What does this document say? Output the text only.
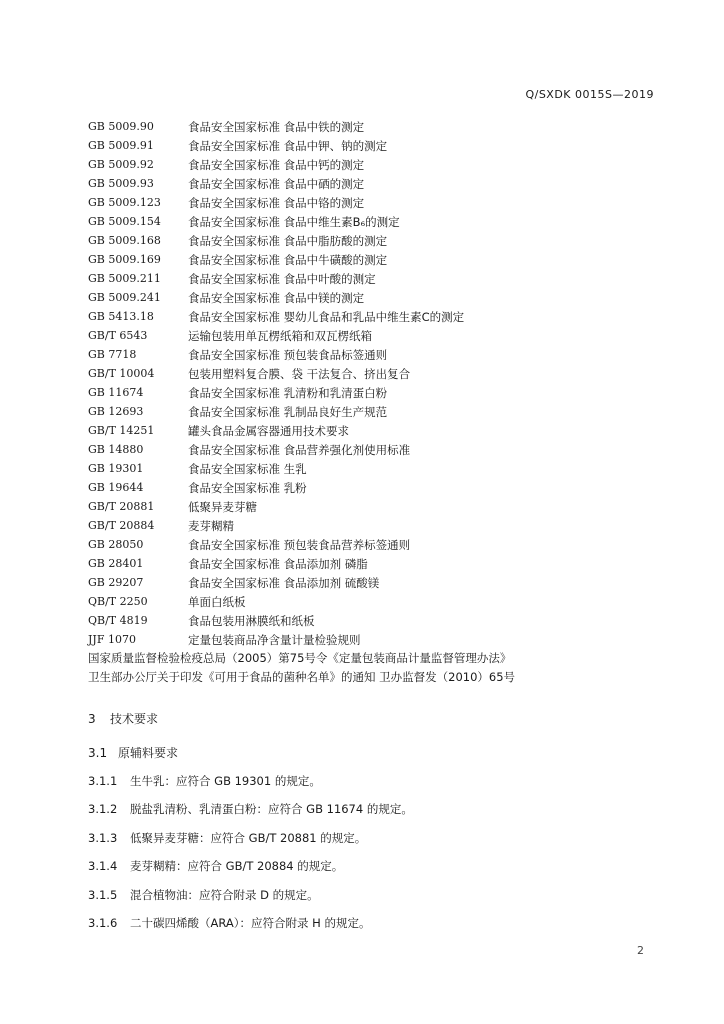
Q/SXDK 0015S—2019
GB 5009.90	食品安全国家标准 食品中铁的测定
GB 5009.91	食品安全国家标准 食品中钾、钠的测定
GB 5009.92	食品安全国家标准 食品中钙的测定
GB 5009.93	食品安全国家标准 食品中硒的测定
GB 5009.123	食品安全国家标准 食品中铬的测定
GB 5009.154	食品安全国家标准 食品中维生素B₆的测定
GB 5009.168	食品安全国家标准 食品中脂肪酸的测定
GB 5009.169	食品安全国家标准 食品中牛磺酸的测定
GB 5009.211	食品安全国家标准 食品中叶酸的测定
GB 5009.241	食品安全国家标准 食品中镁的测定
GB 5413.18	食品安全国家标准 婴幼儿食品和乳品中维生素C的测定
GB/T 6543	运输包装用单瓦楞纸箱和双瓦楞纸箱
GB 7718	食品安全国家标准 预包装食品标签通则
GB/T 10004	包装用塑料复合膜、袋 干法复合、挤出复合
GB 11674	食品安全国家标准 乳清粉和乳清蛋白粉
GB 12693	食品安全国家标准 乳制品良好生产规范
GB/T 14251	罐头食品金属容器通用技术要求
GB 14880	食品安全国家标准 食品营养强化剂使用标准
GB 19301	食品安全国家标准 生乳
GB 19644	食品安全国家标准 乳粉
GB/T 20881	低聚异麦芽糖
GB/T 20884	麦芽糊精
GB 28050	食品安全国家标准 预包装食品营养标签通则
GB 28401	食品安全国家标准 食品添加剂 磷脂
GB 29207	食品安全国家标准 食品添加剂 硫酸镁
QB/T 2250	单面白纸板
QB/T 4819	食品包装用淋膜纸和纸板
JJF 1070	定量包装商品净含量计量检验规则
国家质量监督检验检疫总局（2005）第75号令《定量包装商品计量监督管理办法》
卫生部办公厅关于印发《可用于食品的菌种名单》的通知 卫办监督发（2010）65号
3 技术要求
3.1 原辅料要求
3.1.1 生牛乳：应符合 GB 19301 的规定。
3.1.2 脱盐乳清粉、乳清蛋白粉：应符合 GB 11674 的规定。
3.1.3 低聚异麦芽糖：应符合 GB/T 20881 的规定。
3.1.4 麦芽糊精：应符合 GB/T 20884 的规定。
3.1.5 混合植物油：应符合附录 D 的规定。
3.1.6 二十碳四烯酸（ARA）：应符合附录 H 的规定。
2
